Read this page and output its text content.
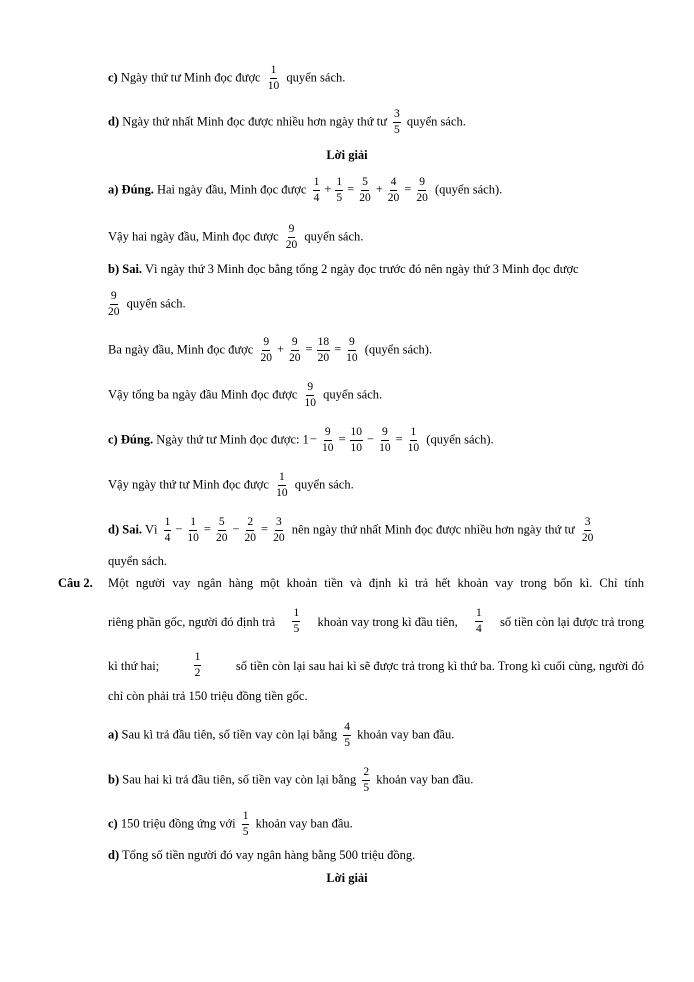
c) Ngày thứ tư Minh đọc được $\frac{1}{10}$ quyển sách.
d) Ngày thứ nhất Minh đọc được nhiều hơn ngày thứ tư $\frac{3}{5}$ quyển sách.
Lời giải
a) Đúng. Hai ngày đầu, Minh đọc được $\frac{1}{4} + \frac{1}{5} = \frac{5}{20} + \frac{4}{20} = \frac{9}{20}$ (quyển sách).
Vậy hai ngày đầu, Minh đọc được $\frac{9}{20}$ quyển sách.
b) Sai. Vì ngày thứ 3 Minh đọc bằng tổng 2 ngày đọc trước đó nên ngày thứ 3 Minh đọc được
$\frac{9}{20}$ quyển sách.
Ba ngày đầu, Minh đọc được $\frac{9}{20} + \frac{9}{20} = \frac{18}{20} = \frac{9}{10}$ (quyển sách).
Vậy tổng ba ngày đầu Minh đọc được $\frac{9}{10}$ quyển sách.
c) Đúng. Ngày thứ tư Minh đọc được: $1- \frac{9}{10} = \frac{10}{10} - \frac{9}{10} = \frac{1}{10}$ (quyển sách).
Vậy ngày thứ tư Minh đọc được $\frac{1}{10}$ quyển sách.
d) Sai. Vì $\frac{1}{4} - \frac{1}{10} = \frac{5}{20} - \frac{2}{20} = \frac{3}{20}$ nên ngày thứ nhất Minh đọc được nhiều hơn ngày thứ tư $\frac{3}{20}$
quyển sách.
Câu 2. Một người vay ngân hàng một khoản tiền và định kì trả hết khoản vay trong bốn kì. Chỉ tính
riêng phần gốc, người đó định trả $\frac{1}{5}$ khoản vay trong kì đầu tiên, $\frac{1}{4}$ số tiền còn lại được trả trong
kì thứ hai;	$\frac{1}{2}$	số tiền còn lại sau hai kì sẽ được trả trong kì thứ ba. Trong kì cuối cùng, người đó
chỉ còn phải trả 150 triệu đồng tiền gốc.
a) Sau kì trả đầu tiên, số tiền vay còn lại bằng $\frac{4}{5}$ khoản vay ban đầu.
b) Sau hai kì trả đầu tiên, số tiền vay còn lại bằng $\frac{2}{5}$ khoản vay ban đầu.
c) 150 triệu đồng ứng với $\frac{1}{5}$ khoản vay ban đầu.
d) Tổng số tiền người đó vay ngân hàng bằng 500 triệu đồng.
Lời giải
